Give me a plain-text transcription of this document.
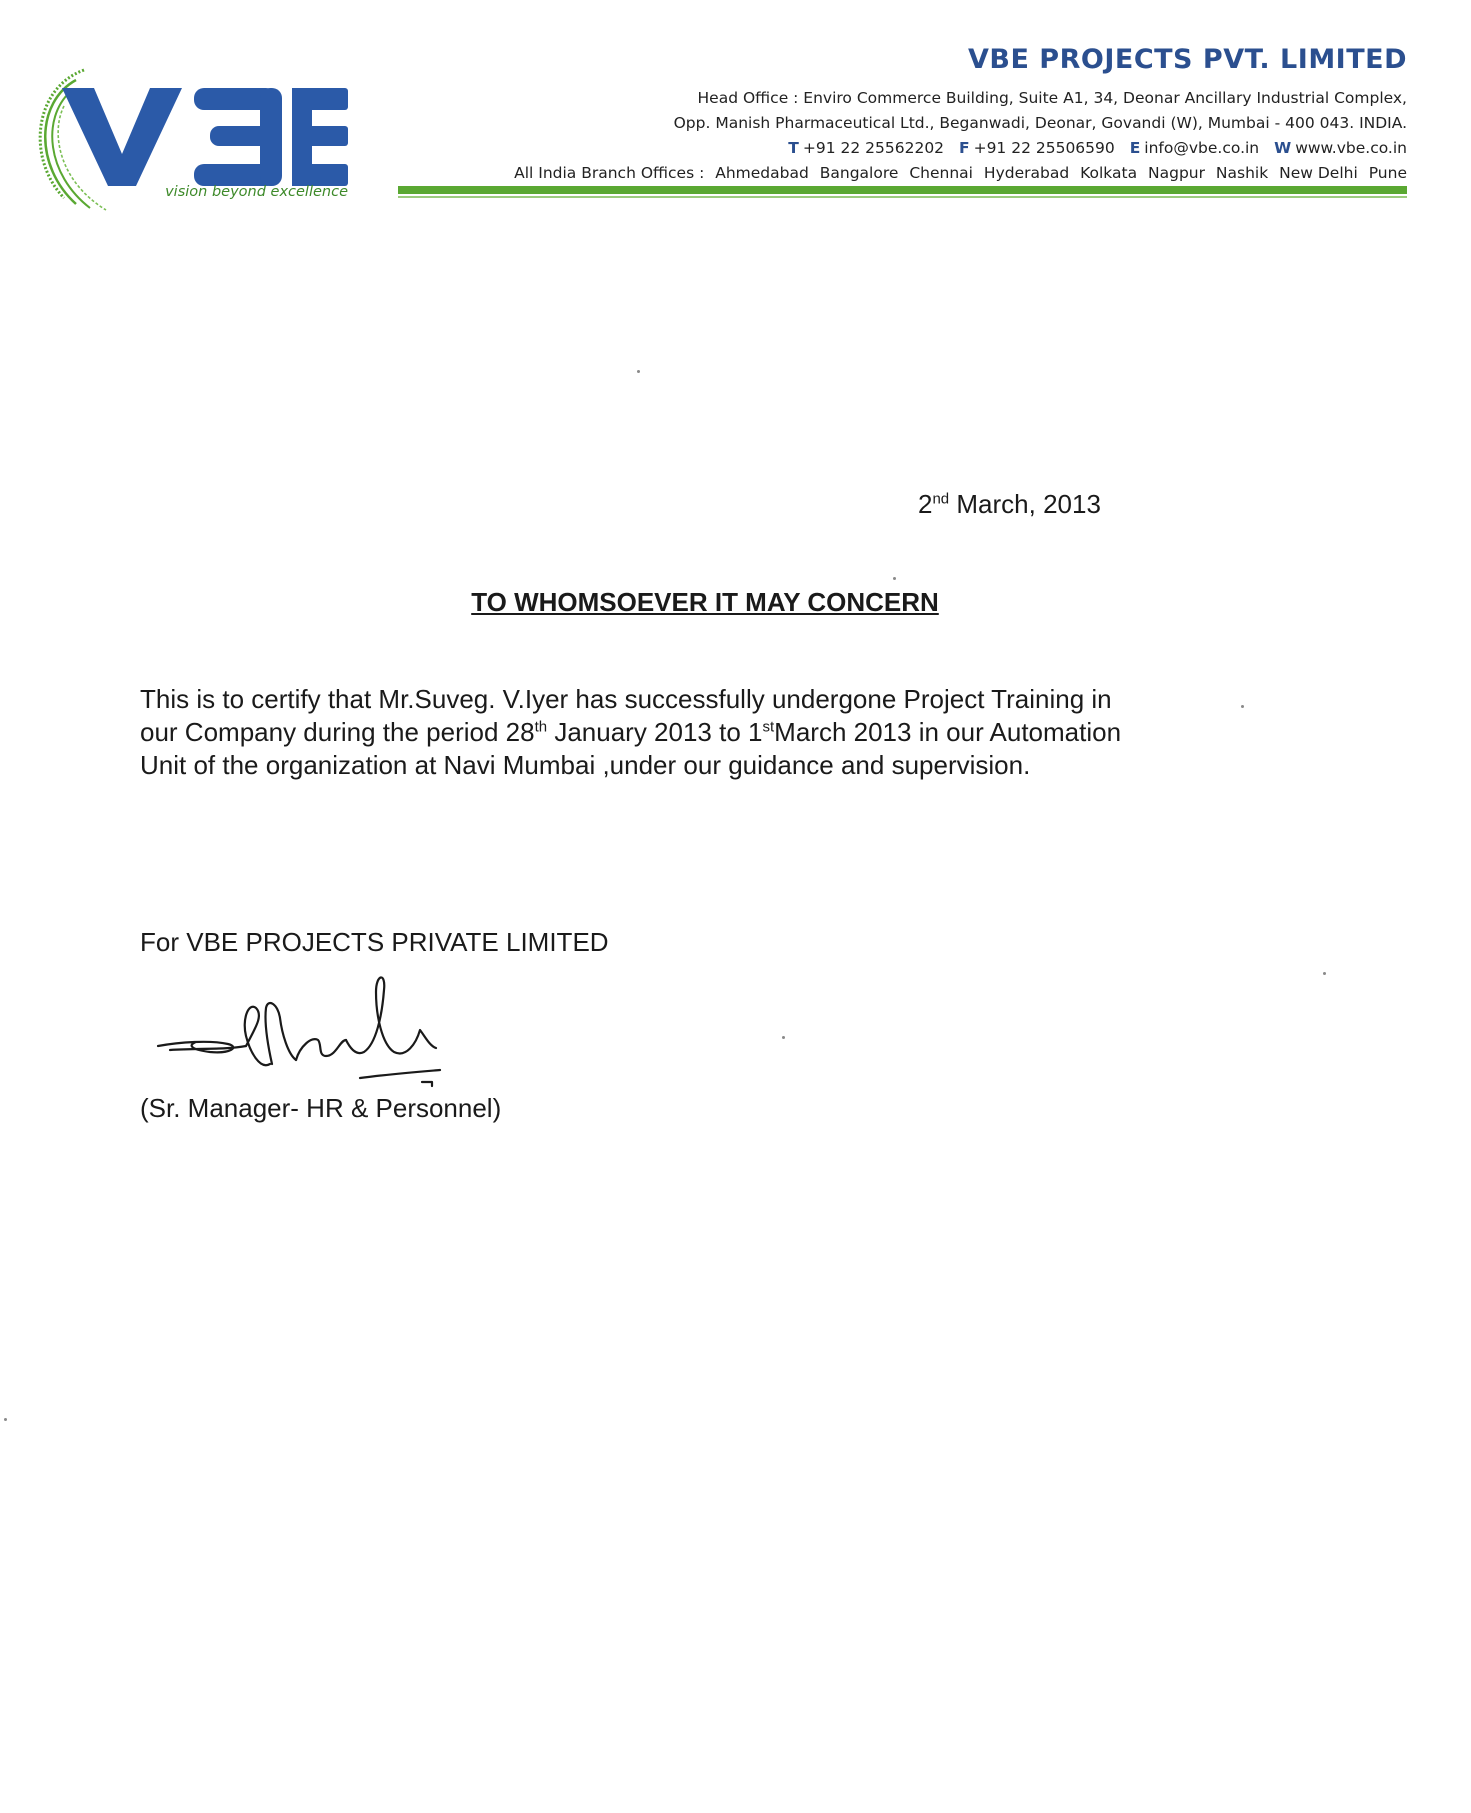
vision beyond excellence
VBE PROJECTS PVT. LIMITED
Head Office : Enviro Commerce Building, Suite A1, 34, Deonar Ancillary Industrial Complex,
Opp. Manish Pharmaceutical Ltd., Beganwadi, Deonar, Govandi (W), Mumbai - 400 043. INDIA.
T +91 22 25562202 F +91 22 25506590 E info@vbe.co.in W www.vbe.co.in
All India Branch Offices : Ahmedabad Bangalore Chennai Hyderabad Kolkata Nagpur Nashik New Delhi Pune
2nd March, 2013
TO WHOMSOEVER IT MAY CONCERN
This is to certify that Mr.Suveg. V.Iyer has successfully undergone Project Training in
our Company during the period 28th January 2013 to 1stMarch 2013 in our Automation
Unit of the organization at Navi Mumbai ,under our guidance and supervision.
For VBE PROJECTS PRIVATE LIMITED
(Sr. Manager- HR & Personnel)
